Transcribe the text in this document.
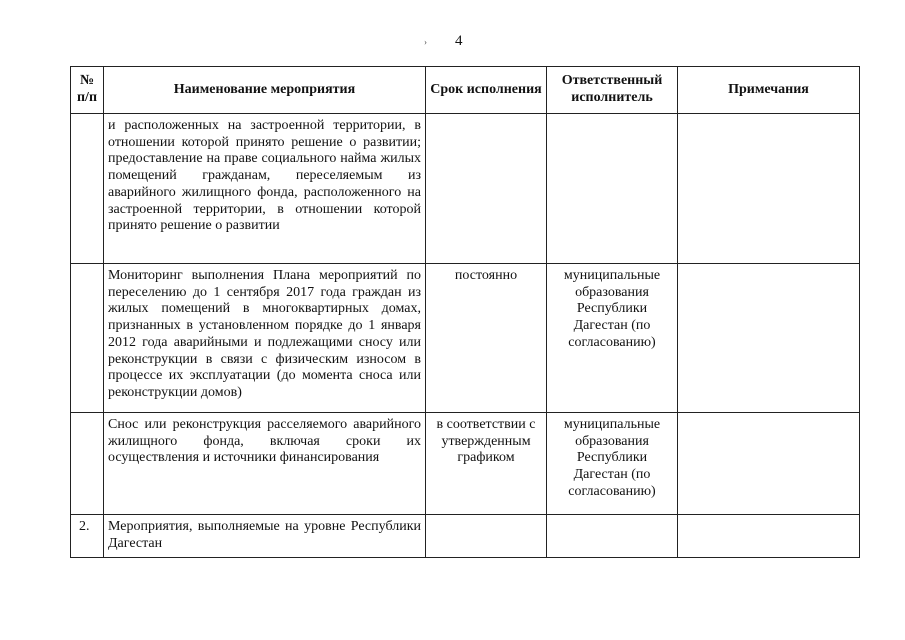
› 4
№ п/п	Наименование мероприятия	Срок исполнения	Ответственный исполнитель	Примечания
	и расположенных на застроенной территории, в отношении которой принято решение о развитии; предоставление на праве социального найма жилых помещений гражданам, переселяемым из аварийного жилищного фонда, расположенного на застроенной территории, в отношении которой принято решение о развитии			
	Мониторинг выполнения Плана мероприятий по переселению до 1 сентября 2017 года граждан из жилых помещений в многоквартирных домах, признанных в установленном порядке до 1 января 2012 года аварийными и подлежащими сносу или реконструкции в связи с физическим износом в процессе их эксплуатации (до момента сноса или реконструкции домов)	постоянно	муниципальные образования Республики Дагестан (по согласованию)	
	Снос или реконструкция расселяемого аварийного жилищного фонда, включая сроки их осуществления и источники финансирования	в соответствии с утвержденным графиком	муниципальные образования Республики Дагестан (по согласованию)	
2.	Мероприятия, выполняемые на уровне Республики Дагестан			
